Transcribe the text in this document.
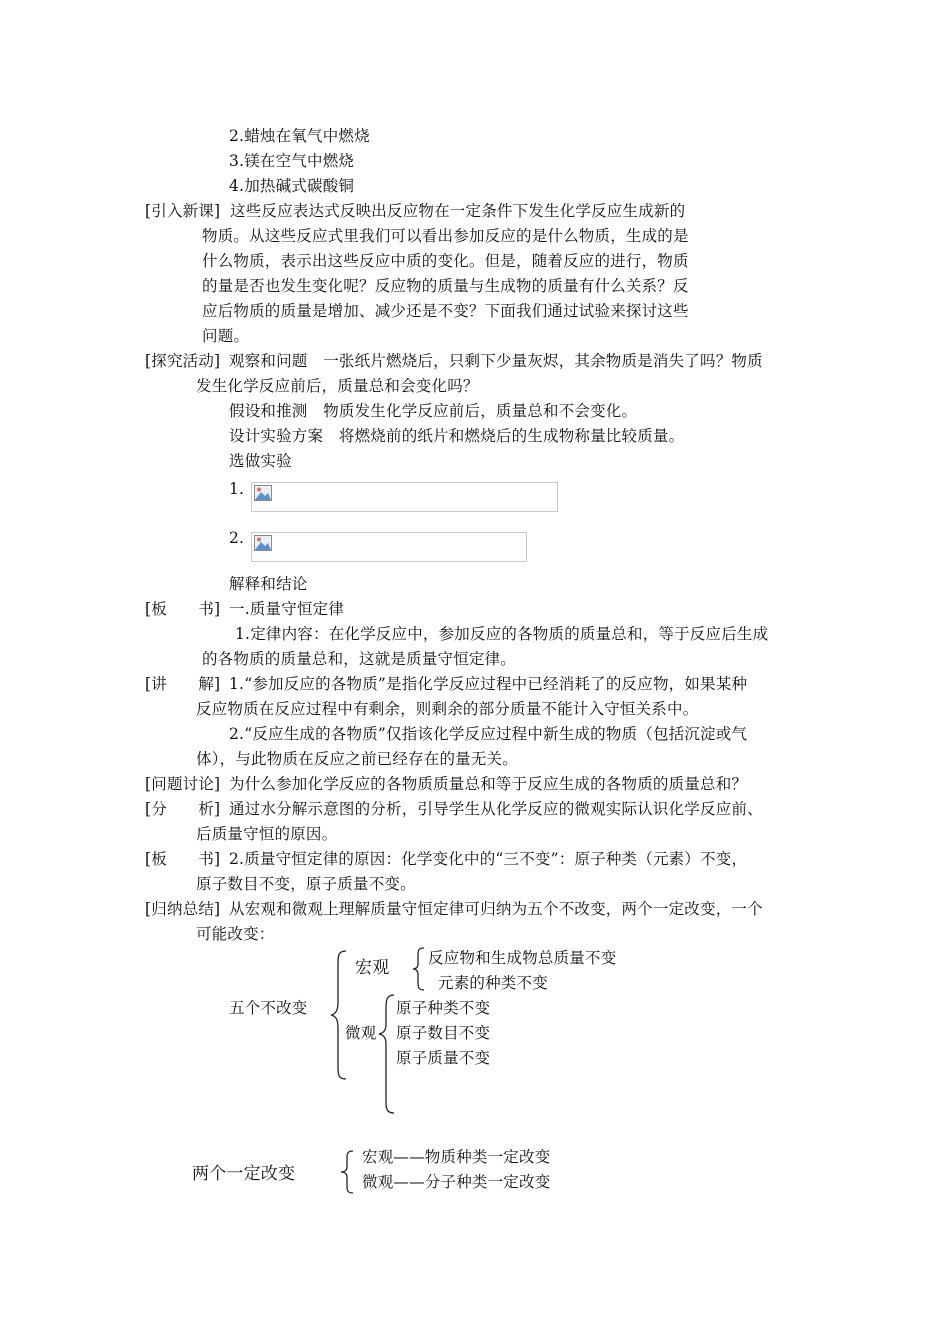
2.蜡烛在氧气中燃烧
3.镁在空气中燃烧
4.加热碱式碳酸铜
[引入新课] 这些反应表达式反映出反应物在一定条件下发生化学反应生成新的
物质。从这些反应式里我们可以看出参加反应的是什么物质，生成的是
什么物质，表示出这些反应中质的变化。但是，随着反应的进行，物质
的量是否也发生变化呢？反应物的质量与生成物的质量有什么关系？反
应后物质的质量是增加、减少还是不变？下面我们通过试验来探讨这些
问题。
[探究活动] 观察和问题　一张纸片燃烧后，只剩下少量灰烬，其余物质是消失了吗？物质
发生化学反应前后，质量总和会变化吗？
假设和推测　物质发生化学反应前后，质量总和不会变化。
设计实验方案　将燃烧前的纸片和燃烧后的生成物称量比较质量。
选做实验
1.
2.
解释和结论
[板　　书] 一.质量守恒定律
1.定律内容：在化学反应中，参加反应的各物质的质量总和，等于反应后生成
的各物质的质量总和，这就是质量守恒定律。
[讲　　解] 1.“参加反应的各物质”是指化学反应过程中已经消耗了的反应物，如果某种
反应物质在反应过程中有剩余，则剩余的部分质量不能计入守恒关系中。
2.“反应生成的各物质”仅指该化学反应过程中新生成的物质（包括沉淀或气
体），与此物质在反应之前已经存在的量无关。
[问题讨论] 为什么参加化学反应的各物质质量总和等于反应生成的各物质的质量总和？
[分　　析] 通过水分解示意图的分析，引导学生从化学反应的微观实际认识化学反应前、
后质量守恒的原因。
[板　　书] 2.质量守恒定律的原因：化学变化中的“三不变”：原子种类（元素）不变，
原子数目不变，原子质量不变。
[归纳总结] 从宏观和微观上理解质量守恒定律可归纳为五个不改变，两个一定改变，一个
可能改变：
五个不改变
宏观 反应物和生成物总质量不变
元素的种类不变
微观
原子种类不变
原子数目不变
原子质量不变
两个一定改变
宏观——物质种类一定改变
微观——分子种类一定改变
